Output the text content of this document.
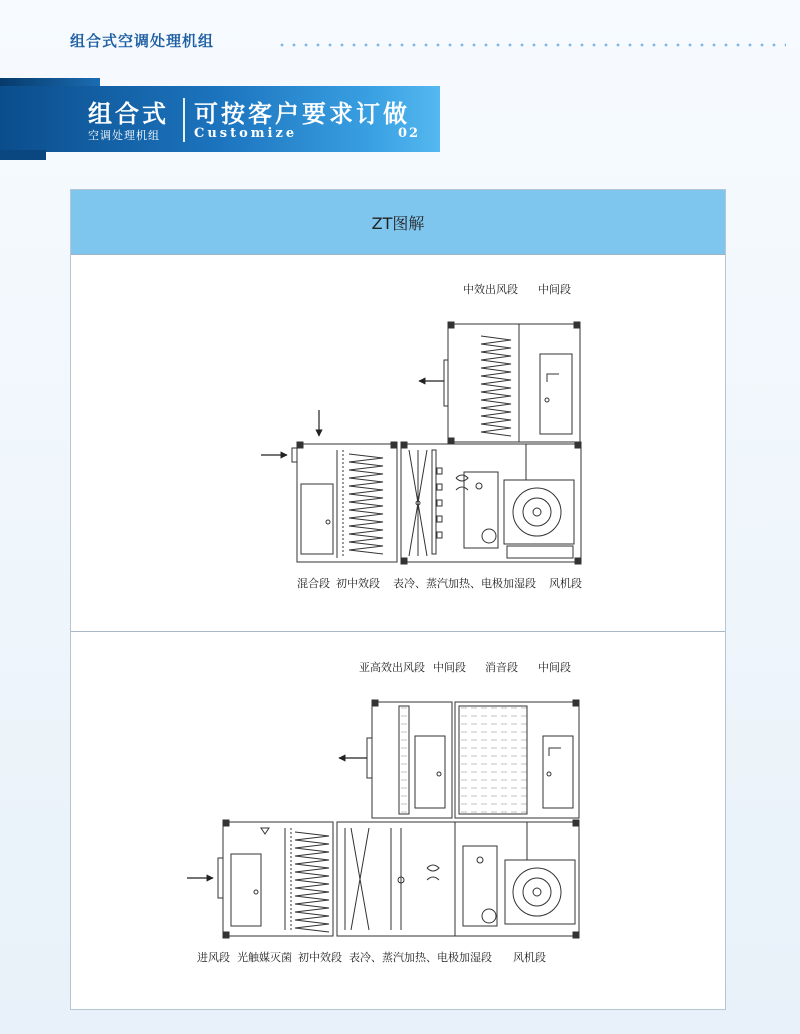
组合式空调处理机组
组合式
空调处理机组
可按客户要求订做
Customize	02
ZT图解
中效出风段 中间段
混合段 初中效段 表冷、蒸汽加热、电极加湿段 风机段
亚高效出风段 中间段 消音段 中间段
进风段 光触媒灭菌 初中效段 表冷、蒸汽加热、电极加湿段 风机段
